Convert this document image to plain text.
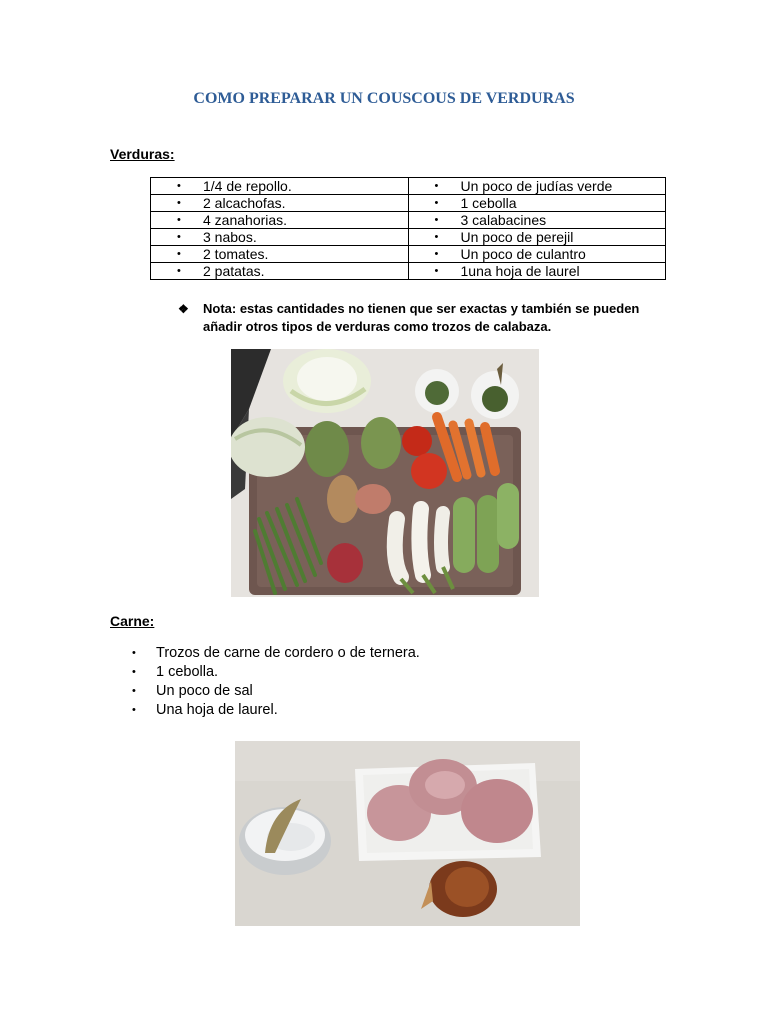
COMO PREPARAR UN COUSCOUS DE VERDURAS
Verduras:
• 1/4 de repollo.	• Un poco de judías verde
• 2 alcachofas.	• 1 cebolla
• 4 zanahorias.	• 3 calabacines
• 3 nabos.	• Un poco de perejil
• 2 tomates.	• Un poco de culantro
• 2 patatas.	• 1una hoja de laurel
❖	Nota: estas cantidades no tienen que ser exactas y también se pueden añadir otros tipos de verduras como trozos de calabaza.
Carne:
• Trozos de carne de cordero o de ternera.
• 1 cebolla.
• Un poco de sal
• Una hoja de laurel.
